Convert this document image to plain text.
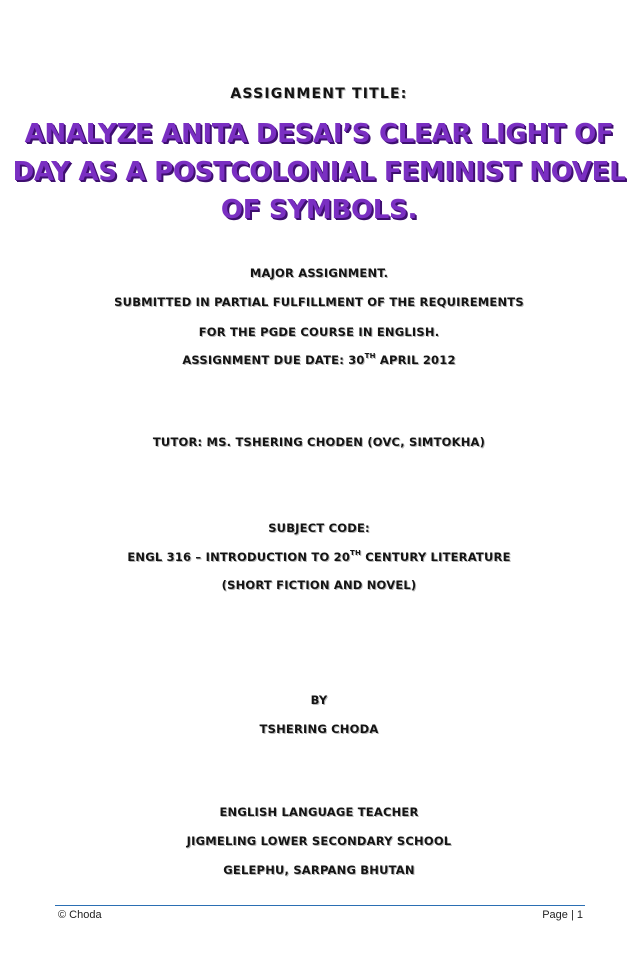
ASSIGNMENT TITLE:
ANALYZE ANITA DESAI’S CLEAR LIGHT OF
DAY AS A POSTCOLONIAL FEMINIST NOVEL
OF SYMBOLS.
MAJOR ASSIGNMENT.
SUBMITTED IN PARTIAL FULFILLMENT OF THE REQUIREMENTS
FOR THE PGDE COURSE IN ENGLISH.
ASSIGNMENT DUE DATE: 30TH APRIL 2012
TUTOR: MS. TSHERING CHODEN (OVC, SIMTOKHA)
SUBJECT CODE:
ENGL 316 – INTRODUCTION TO 20TH CENTURY LITERATURE
(SHORT FICTION AND NOVEL)
BY
TSHERING CHODA
ENGLISH LANGUAGE TEACHER
JIGMELING LOWER SECONDARY SCHOOL
GELEPHU, SARPANG BHUTAN
© Choda	Page | 1
